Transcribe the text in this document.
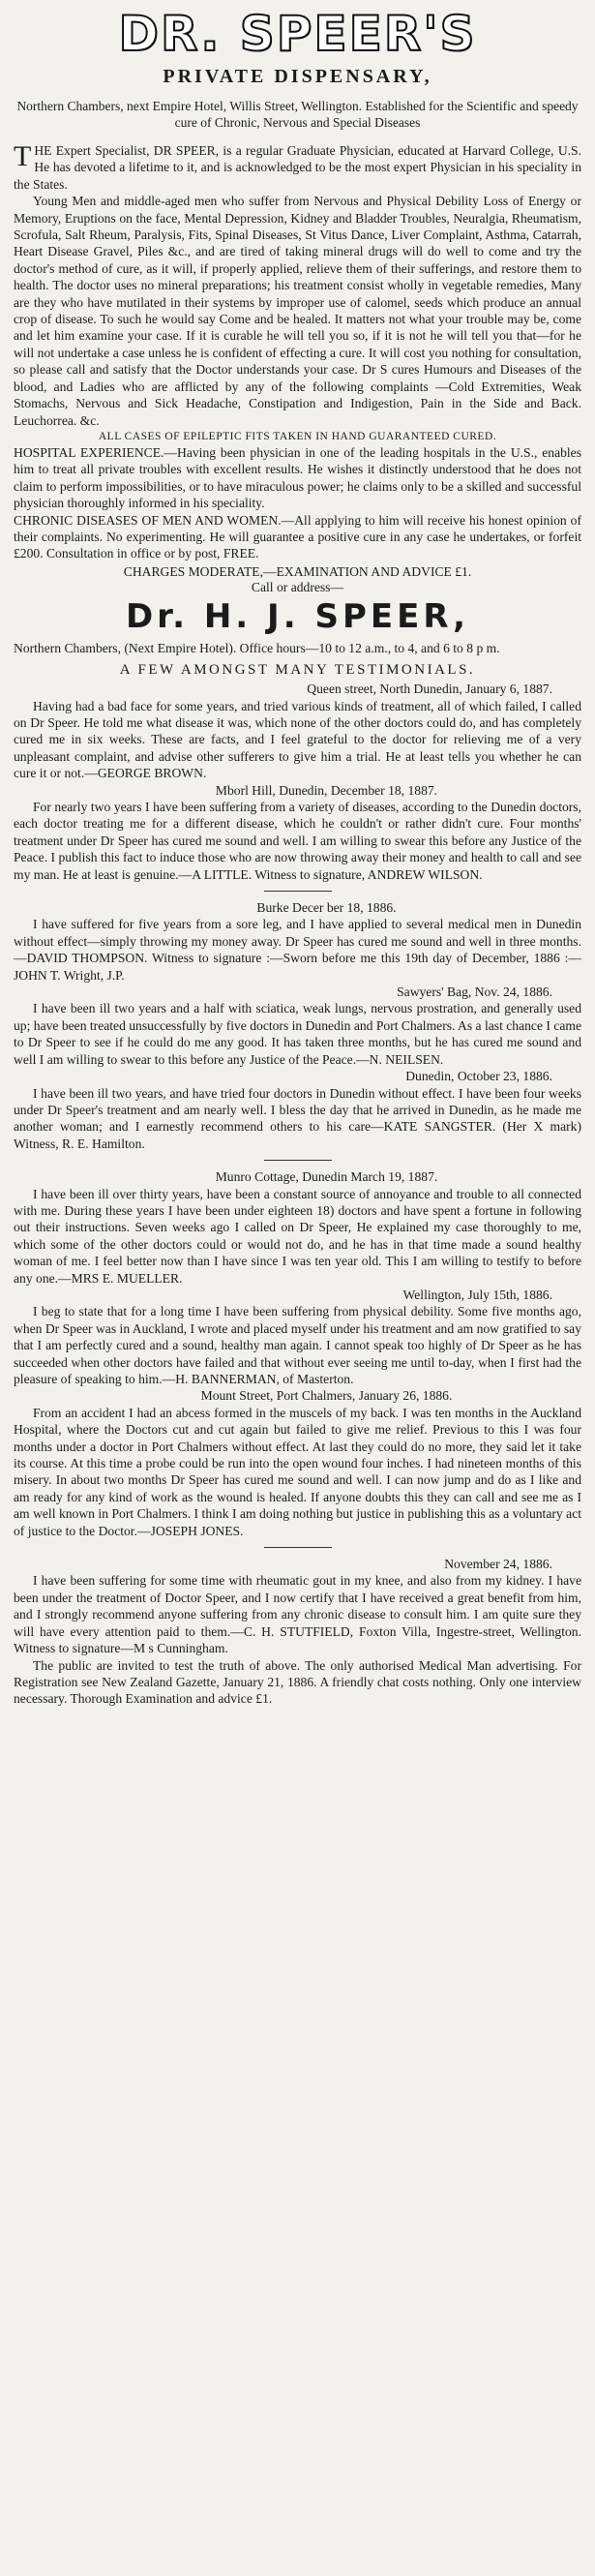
DR. SPEER'S
PRIVATE DISPENSARY,
Northern Chambers, next Empire Hotel, Willis Street, Wellington. Established for the Scientific and speedy cure of Chronic, Nervous and Special Diseases

THE Expert Specialist, DR SPEER, is a regular Graduate Physician, educated at Harvard College, U.S. He has devoted a lifetime to it, and is acknowledged to be the most expert Physician in his speciality in the States.

Young Men and middle-aged men who suffer from Nervous and Physical Debility Loss of Energy or Memory, Eruptions on the face, Mental Depression, Kidney and Bladder Troubles, Neuralgia, Rheumatism, Scrofula, Salt Rheum, Paralysis, Fits, Spinal Diseases, St Vitus Dance, Liver Complaint, Asthma, Catarrah, Heart Disease Gravel, Piles &c., and are tired of taking mineral drugs will do well to come and try the doctor's method of cure, as it will, if properly applied, relieve them of their sufferings, and restore them to health. The doctor uses no mineral preparations; his treatment consist wholly in vegetable remedies, Many are they who have mutilated in their systems by improper use of calomel, seeds which produce an annual crop of disease. To such he would say Come and be healed. It matters not what your trouble may be, come and let him examine your case. If it is curable he will tell you so, if it is not he will tell you that—for he will not undertake a case unless he is confident of effecting a cure. It will cost you nothing for consultation, so please call and satisfy that the Doctor understands your case. Dr S cures Humours and Diseases of the blood, and Ladies who are afflicted by any of the following complaints —Cold Extremities, Weak Stomachs, Nervous and Sick Headache, Constipation and Indigestion, Pain in the Side and Back. Leuchorrea. &c.

ALL CASES OF EPILEPTIC FITS TAKEN IN HAND GUARANTEED CURED.

HOSPITAL EXPERIENCE.—Having been physician in one of the leading hospitals in the U.S., enables him to treat all private troubles with excellent results. He wishes it distinctly understood that he does not claim to perform impossibilities, or to have miraculous power; he claims only to be a skilled and successful physician thoroughly informed in his speciality.

CHRONIC DISEASES OF MEN AND WOMEN.—All applying to him will receive his honest opinion of their complaints. No experimenting. He will guarantee a positive cure in any case he undertakes, or forfeit £200. Consultation in office or by post, FREE.

CHARGES MODERATE,—EXAMINATION AND ADVICE £1.
Call or address—
Dr. H. J. SPEER,

Northern Chambers, (Next Empire Hotel). Office hours—10 to 12 a.m., to 4, and 6 to 8 p m.

A FEW AMONGST MANY TESTIMONIALS.
Queen street, North Dunedin, January 6, 1887.

Having had a bad face for some years, and tried various kinds of treatment, all of which failed, I called on Dr Speer. He told me what disease it was, which none of the other doctors could do, and has completely cured me in six weeks. These are facts, and I feel grateful to the doctor for relieving me of a very unpleasant complaint, and advise other sufferers to give him a trial. He at least tells you whether he can cure it or not.—GEORGE BROWN.

Mborl Hill, Dunedin, December 18, 1887.

For nearly two years I have been suffering from a variety of diseases, according to the Dunedin doctors, each doctor treating me for a different disease, which he couldn't or rather didn't cure. Four months' treatment under Dr Speer has cured me sound and well. I am willing to swear this before any Justice of the Peace. I publish this fact to induce those who are now throwing away their money and health to call and see my man. He at least is genuine.—A LITTLE. Witness to signature, ANDREW WILSON.

Burke Decer ber 18, 1886.

I have suffered for five years from a sore leg, and I have applied to several medical men in Dunedin without effect—simply throwing my money away. Dr Speer has cured me sound and well in three months.—DAVID THOMPSON. Witness to signature :—Sworn before me this 19th day of December, 1886 :—JOHN T. Wright, J.P.

Sawyers' Bag, Nov. 24, 1886.

I have been ill two years and a half with sciatica, weak lungs, nervous prostration, and generally used up; have been treated unsuccessfully by five doctors in Dunedin and Port Chalmers. As a last chance I came to Dr Speer to see if he could do me any good. It has taken three months, but he has cured me sound and well I am willing to swear to this before any Justice of the Peace.—N. NEILSEN.

Dunedin, October 23, 1886.

I have been ill two years, and have tried four doctors in Dunedin without effect. I have been four weeks under Dr Speer's treatment and am nearly well. I bless the day that he arrived in Dunedin, as he made me another woman; and I earnestly recommend others to his care—KATE SANGSTER. (Her X mark) Witness, R. E. Hamilton.

Munro Cottage, Dunedin March 19, 1887.

I have been ill over thirty years, have been a constant source of annoyance and trouble to all connected with me. During these years I have been under eighteen 18) doctors and have spent a fortune in following out their instructions. Seven weeks ago I called on Dr Speer, He explained my case thoroughly to me, which some of the other doctors could or would not do, and he has in that time made a sound healthy woman of me. I feel better now than I have since I was ten year old. This I am willing to testify to before any one.—MRS E. MUELLER.

Wellington, July 15th, 1886.

I beg to state that for a long time I have been suffering from physical debility. Some five months ago, when Dr Speer was in Auckland, I wrote and placed myself under his treatment and am now gratified to say that I am perfectly cured and a sound, healthy man again. I cannot speak too highly of Dr Speer as he has succeeded when other doctors have failed and that without ever seeing me until to-day, when I first had the pleasure of speaking to him.—H. BANNERMAN, of Masterton.

Mount Street, Port Chalmers, January 26, 1886.

From an accident I had an abcess formed in the muscels of my back. I was ten months in the Auckland Hospital, where the Doctors cut and cut again but failed to give me relief. Previous to this I was four months under a doctor in Port Chalmers without effect. At last they could do no more, they said let it take its course. At this time a probe could be run into the open wound four inches. I had nineteen months of this misery. In about two months Dr Speer has cured me sound and well. I can now jump and do as I like and am ready for any kind of work as the wound is healed. If anyone doubts this they can call and see me as I am well known in Port Chalmers. I think I am doing nothing but justice in publishing this as a voluntary act of justice to the Doctor.—JOSEPH JONES.

November 24, 1886.

I have been suffering for some time with rheumatic gout in my knee, and also from my kidney. I have been under the treatment of Doctor Speer, and I now certify that I have received a great benefit from him, and I strongly recommend anyone suffering from any chronic disease to consult him. I am quite sure they will have every attention paid to them.—C. H. STUTFIELD, Foxton Villa, Ingestre-street, Wellington. Witness to signature—M s Cunningham.

The public are invited to test the truth of above. The only authorised Medical Man advertising. For Registration see New Zealand Gazette, January 21, 1886. A friendly chat costs nothing. Only one interview necessary. Thorough Examination and advice £1.
